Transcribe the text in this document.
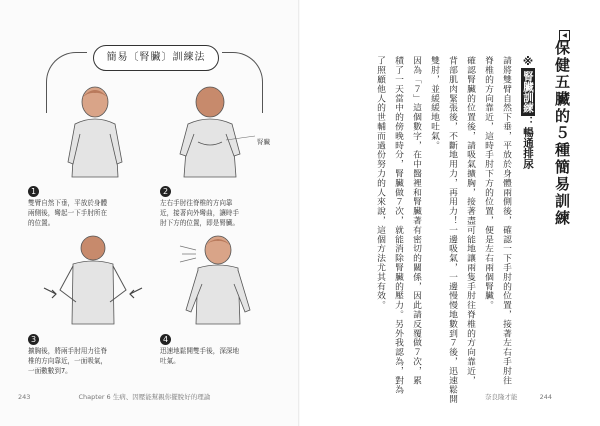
簡易〔腎臟〕訓練法
1
雙臂自然下垂，平放於身體
兩側後，彎起一下手肘所在
的位置。
腎臟
2
左右手肘往脊椎的方向靠
近，接著向外彎曲，讓時手
肘下方的位置，即是腎臟。
3
擴胸後，將兩手肘用力往脊
椎的方向靠近，一面吸氣，
一面數數到7。
4
迅速地鬆開雙手後，深深地
吐氣。
243	Chapter 6 生病、因壓能幫親你擺脫好的理論
◀
保健五臟的５種簡易訓練
※腎臟訓練：暢通排尿
請將雙臂自然下垂，平放於身體兩側後，確認一下手肘的位置，接著左右手肘往
脊椎的方向靠近，這時手肘下方的位置，便是左右兩個腎臟。
確認腎臟的位置後，請吸氣擴胸，接著盡可能地讓兩隻手肘往脊椎的方向靠近，
背部肌肉緊張後，不斷地用力，再用力！一邊吸氣，一邊慢慢地數到７後，迅速鬆開
雙肘，並緩緩地吐氣。
因為「７」這個數字，在中醫裡和腎臟著有密切的關係，因此請反覆做７次，累
積了一天當中的傍晚時分，腎臟做７次，就能消除腎臟的壓力。另外我認為，對為
了照顧他人的世輔而過份努力的人來說，這個方法尤其有效。
奈良隆才能	244
